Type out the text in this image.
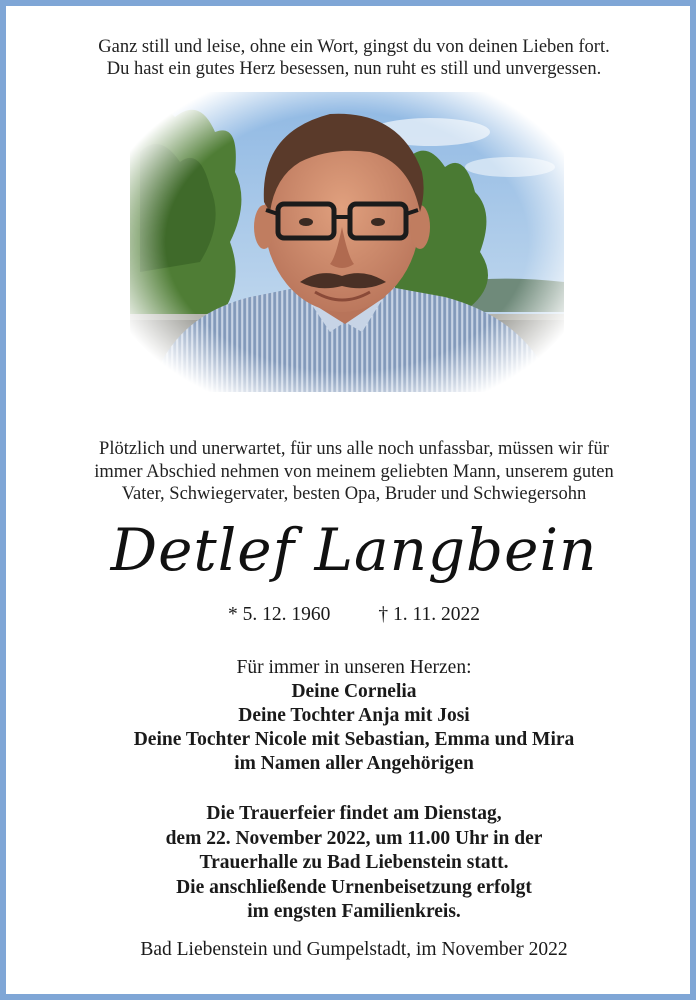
Ganz still und leise, ohne ein Wort, gingst du von deinen Lieben fort.
Du hast ein gutes Herz besessen, nun ruht es still und unvergessen.
Plötzlich und unerwartet, für uns alle noch unfassbar, müssen wir für
immer Abschied nehmen von meinem geliebten Mann, unserem guten
Vater, Schwiegervater, besten Opa, Bruder und Schwiegersohn
Detlef Langbein
* 5. 12. 1960 † 1. 11. 2022
Für immer in unseren Herzen:
Deine Cornelia
Deine Tochter Anja mit Josi
Deine Tochter Nicole mit Sebastian, Emma und Mira
im Namen aller Angehörigen
Die Trauerfeier findet am Dienstag,
dem 22. November 2022, um 11.00 Uhr in der
Trauerhalle zu Bad Liebenstein statt.
Die anschließende Urnenbeisetzung erfolgt
im engsten Familienkreis.
Bad Liebenstein und Gumpelstadt, im November 2022
